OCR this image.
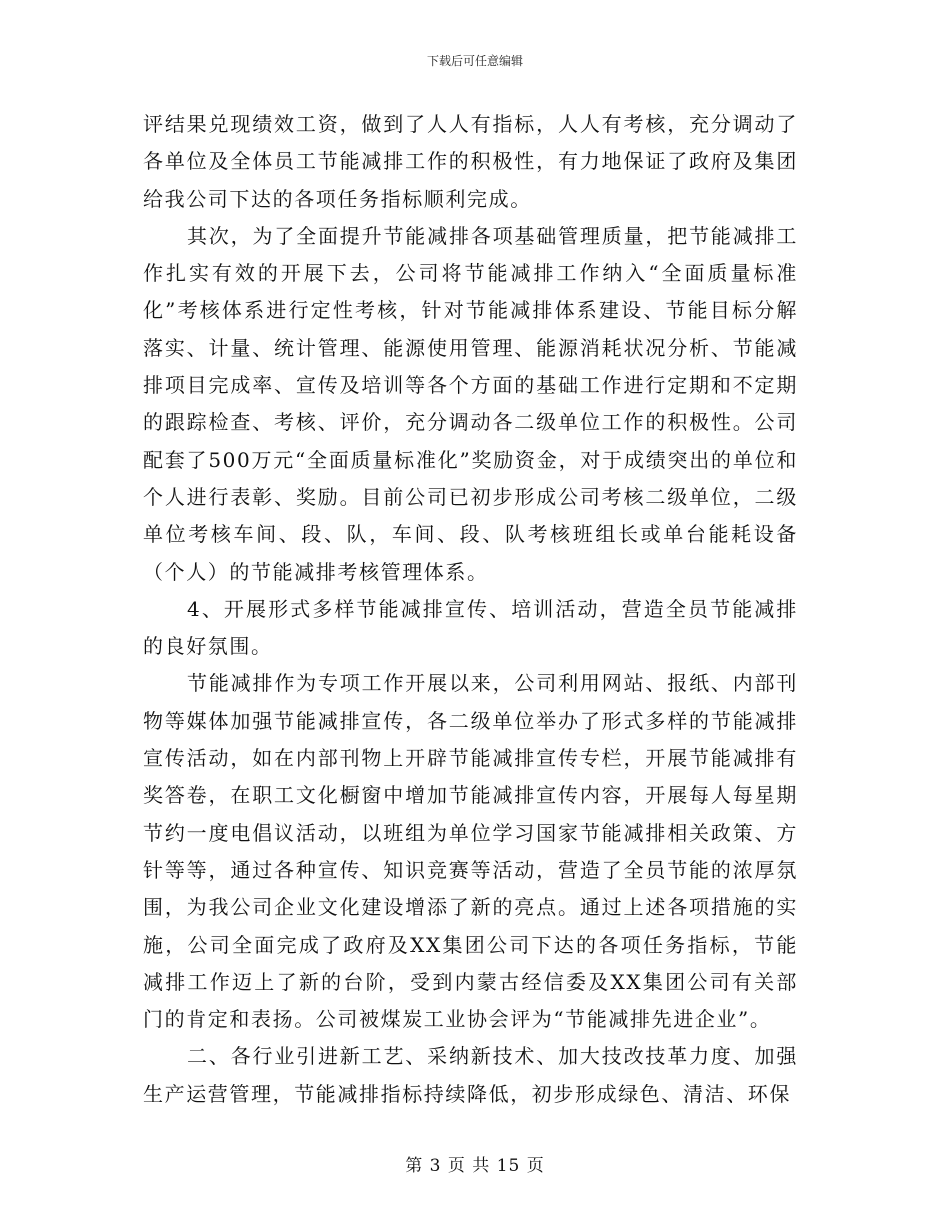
下载后可任意编辑

评结果兑现绩效工资，做到了人人有指标，人人有考核，充分调动了各单位及全体员工节能减排工作的积极性，有力地保证了政府及集团给我公司下达的各项任务指标顺利完成。

其次，为了全面提升节能减排各项基础管理质量，把节能减排工作扎实有效的开展下去，公司将节能减排工作纳入“全面质量标准化”考核体系进行定性考核，针对节能减排体系建设、节能目标分解落实、计量、统计管理、能源使用管理、能源消耗状况分析、节能减排项目完成率、宣传及培训等各个方面的基础工作进行定期和不定期的跟踪检查、考核、评价，充分调动各二级单位工作的积极性。公司配套了500万元“全面质量标准化”奖励资金，对于成绩突出的单位和个人进行表彰、奖励。目前公司已初步形成公司考核二级单位，二级单位考核车间、段、队，车间、段、队考核班组长或单台能耗设备（个人）的节能减排考核管理体系。

4、开展形式多样节能减排宣传、培训活动，营造全员节能减排的良好氛围。

节能减排作为专项工作开展以来，公司利用网站、报纸、内部刊物等媒体加强节能减排宣传，各二级单位举办了形式多样的节能减排宣传活动，如在内部刊物上开辟节能减排宣传专栏，开展节能减排有奖答卷，在职工文化橱窗中增加节能减排宣传内容，开展每人每星期节约一度电倡议活动，以班组为单位学习国家节能减排相关政策、方针等等，通过各种宣传、知识竞赛等活动，营造了全员节能的浓厚氛围，为我公司企业文化建设增添了新的亮点。通过上述各项措施的实施，公司全面完成了政府及XX集团公司下达的各项任务指标，节能减排工作迈上了新的台阶，受到内蒙古经信委及XX集团公司有关部门的肯定和表扬。公司被煤炭工业协会评为“节能减排先进企业”。

二、各行业引进新工艺、采纳新技术、加大技改技革力度、加强生产运营管理，节能减排指标持续降低，初步形成绿色、清洁、环保

第 3 页 共 15 页
